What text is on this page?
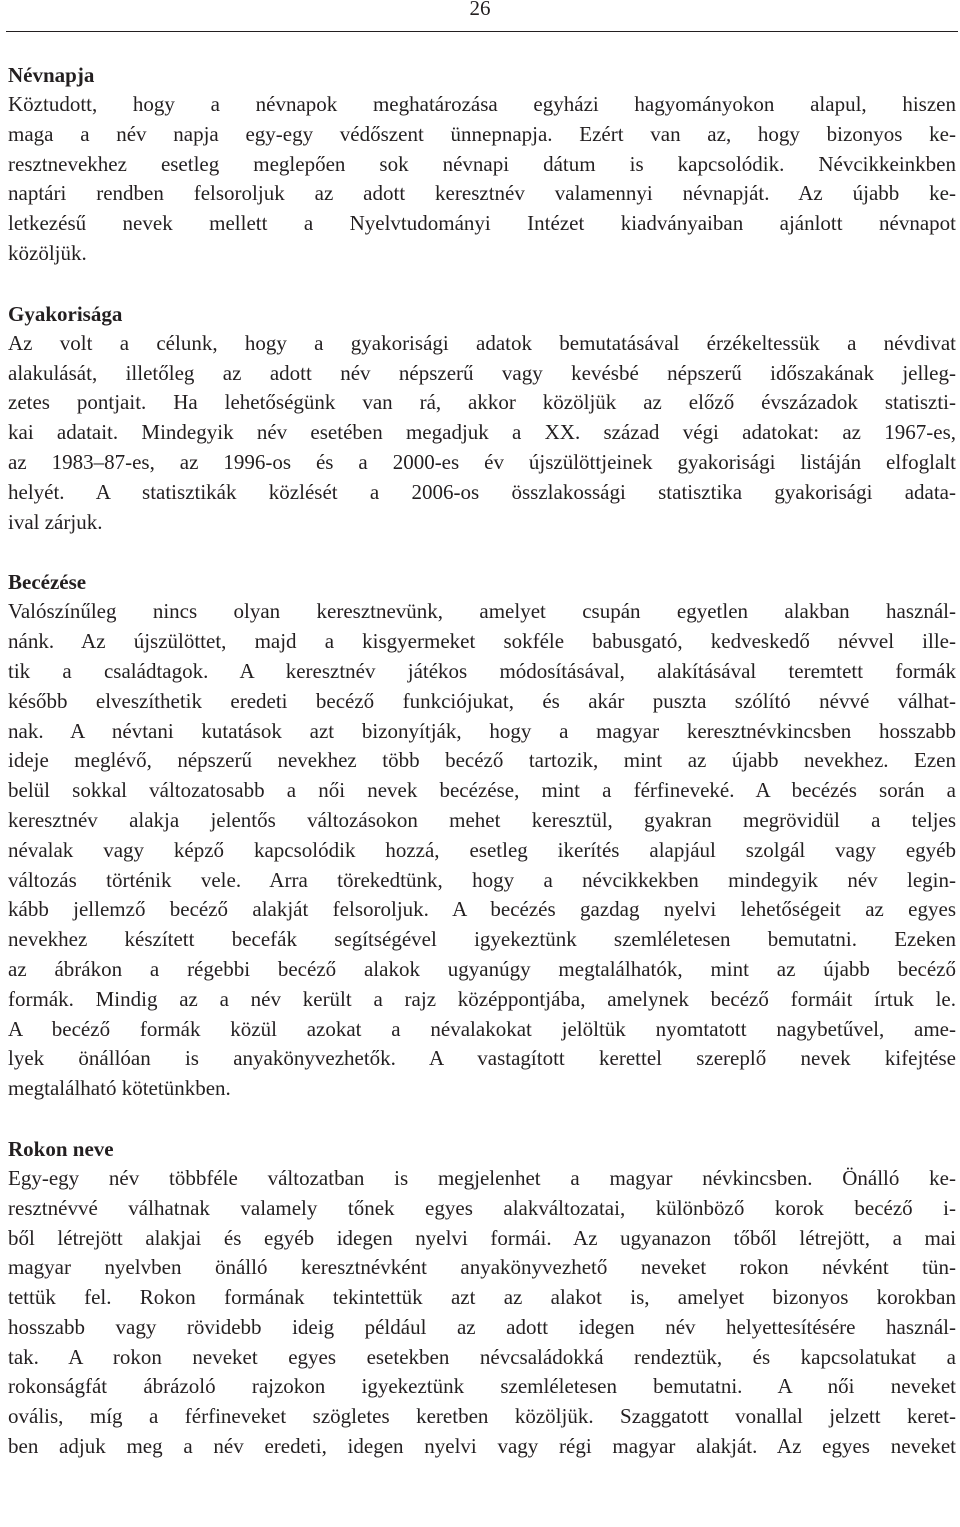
26
Névnapja

Köztudott, hogy a névnapok meghatározása egyházi hagyományokon alapul, hiszen
maga a név napja egy-egy védőszent ünnepnapja. Ezért van az, hogy bizonyos ke-
resztnevekhez esetleg meglepően sok névnapi dátum is kapcsolódik. Névcikkeinkben
naptári rendben felsoroljuk az adott keresztnév valamennyi névnapját. Az újabb ke-
letkezésű nevek mellett a Nyelvtudományi Intézet kiadványaiban ajánlott névnapot
közöljük.

Gyakorisága

Az volt a célunk, hogy a gyakorisági adatok bemutatásával érzékeltessük a névdivat
alakulását, illetőleg az adott név népszerű vagy kevésbé népszerű időszakának jelleg-
zetes pontjait. Ha lehetőségünk van rá, akkor közöljük az előző évszázadok statiszti-
kai adatait. Mindegyik név esetében megadjuk a XX. század végi adatokat: az 1967-es,
az 1983–87-es, az 1996-os és a 2000-es év újszülöttjeinek gyakorisági listáján elfoglalt
helyét. A statisztikák közlését a 2006-os összlakossági statisztika gyakorisági adata-
ival zárjuk.

Becézése

Valószínűleg nincs olyan keresztnevünk, amelyet csupán egyetlen alakban használ-
nánk. Az újszülöttet, majd a kisgyermeket sokféle babusgató, kedveskedő névvel ille-
tik a családtagok. A keresztnév játékos módosításával, alakításával teremtett formák
később elveszíthetik eredeti becéző funkciójukat, és akár puszta szólító névvé válhat-
nak. A névtani kutatások azt bizonyítják, hogy a magyar keresztnévkincsben hosszabb
ideje meglévő, népszerű nevekhez több becéző tartozik, mint az újabb nevekhez. Ezen
belül sokkal változatosabb a női nevek becézése, mint a férfineveké. A becézés során a
keresztnév alakja jelentős változásokon mehet keresztül, gyakran megrövidül a teljes
névalak vagy képző kapcsolódik hozzá, esetleg ikerítés alapjául szolgál vagy egyéb
változás történik vele. Arra törekedtünk, hogy a névcikkekben mindegyik név legin-
kább jellemző becéző alakját felsoroljuk. A becézés gazdag nyelvi lehetőségeit az egyes
nevekhez készített becefák segítségével igyekeztünk szemléletesen bemutatni. Ezeken
az ábrákon a régebbi becéző alakok ugyanúgy megtalálhatók, mint az újabb becéző
formák. Mindig az a név került a rajz középpontjába, amelynek becéző formáit írtuk le.
A becéző formák közül azokat a névalakokat jelöltük nyomtatott nagybetűvel, ame-
lyek önállóan is anyakönyvezhetők. A vastagított kerettel szereplő nevek kifejtése
megtalálható kötetünkben.

Rokon neve

Egy-egy név többféle változatban is megjelenhet a magyar névkincsben. Önálló ke-
resztnévvé válhatnak valamely tőnek egyes alakváltozatai, különböző korok becéző i-
ből létrejött alakjai és egyéb idegen nyelvi formái. Az ugyanazon tőből létrejött, a mai
magyar nyelvben önálló keresztnévként anyakönyvezhető neveket rokon névként tün-
tettük fel. Rokon formának tekintettük azt az alakot is, amelyet bizonyos korokban
hosszabb vagy rövidebb ideig például az adott idegen név helyettesítésére használ-
tak. A rokon neveket egyes esetekben névcsaládokká rendeztük, és kapcsolatukat a
rokonságfát ábrázoló rajzokon igyekeztünk szemléletesen bemutatni. A női neveket
ovális, míg a férfineveket szögletes keretben közöljük. Szaggatott vonallal jelzett keret-
ben adjuk meg a név eredeti, idegen nyelvi vagy régi magyar alakját. Az egyes neveket
